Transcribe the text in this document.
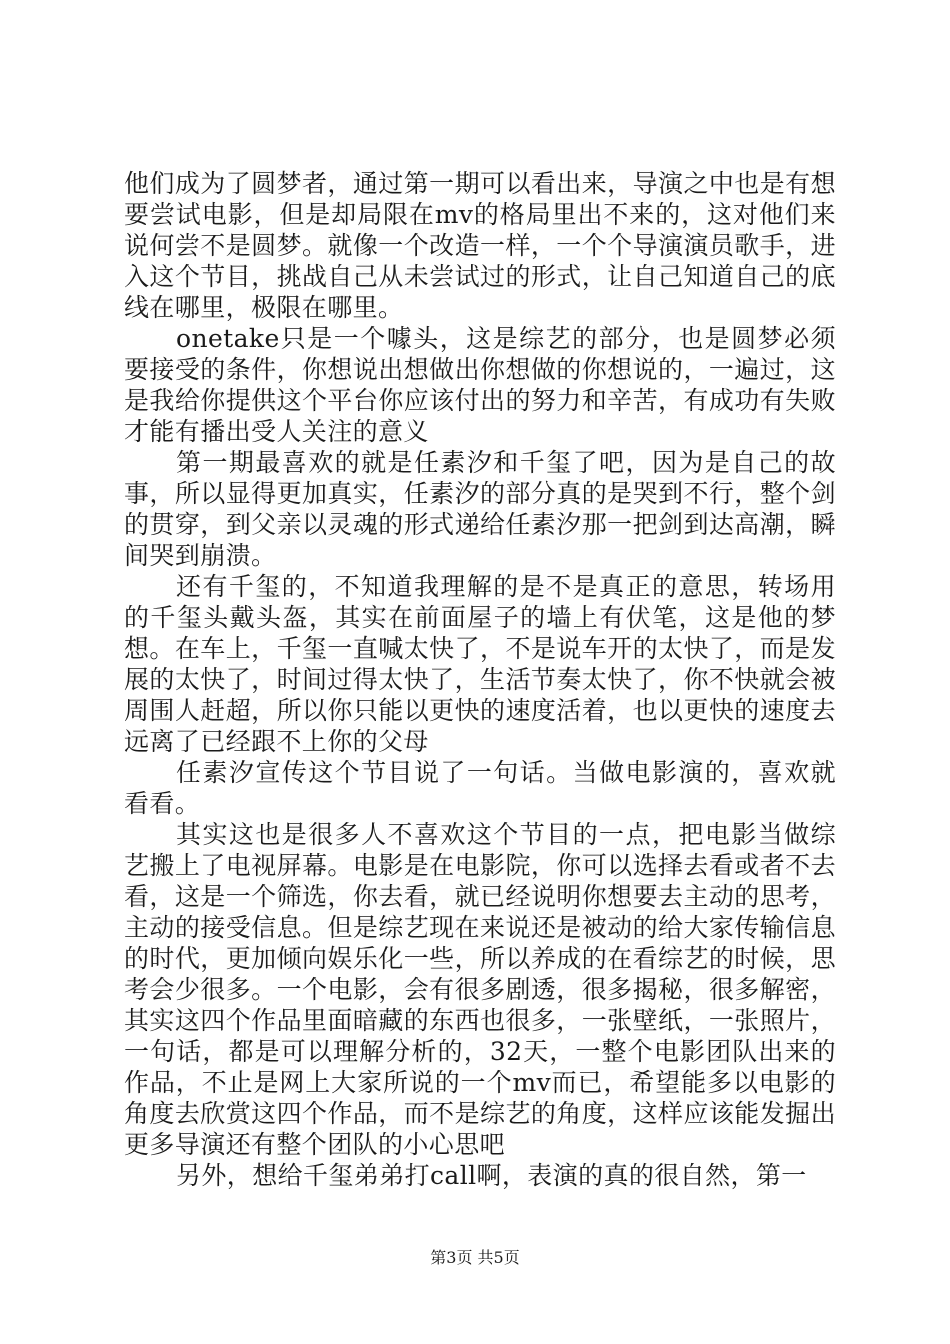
他们成为了圆梦者，通过第一期可以看出来，导演之中也是有想要尝试电影，但是却局限在mv的格局里出不来的，这对他们来说何尝不是圆梦。就像一个改造一样，一个个导演演员歌手，进入这个节目，挑战自己从未尝试过的形式，让自己知道自己的底线在哪里，极限在哪里。

onetake只是一个噱头，这是综艺的部分，也是圆梦必须要接受的条件，你想说出想做出你想做的你想说的，一遍过，这是我给你提供这个平台你应该付出的努力和辛苦，有成功有失败才能有播出受人关注的意义

第一期最喜欢的就是任素汐和千玺了吧，因为是自己的故事，所以显得更加真实，任素汐的部分真的是哭到不行，整个剑的贯穿，到父亲以灵魂的形式递给任素汐那一把剑到达高潮，瞬间哭到崩溃。

还有千玺的，不知道我理解的是不是真正的意思，转场用的千玺头戴头盔，其实在前面屋子的墙上有伏笔，这是他的梦想。在车上，千玺一直喊太快了，不是说车开的太快了，而是发展的太快了，时间过得太快了，生活节奏太快了，你不快就会被周围人赶超，所以你只能以更快的速度活着，也以更快的速度去远离了已经跟不上你的父母

任素汐宣传这个节目说了一句话。当做电影演的，喜欢就看看。

其实这也是很多人不喜欢这个节目的一点，把电影当做综艺搬上了电视屏幕。电影是在电影院，你可以选择去看或者不去看，这是一个筛选，你去看，就已经说明你想要去主动的思考，主动的接受信息。但是综艺现在来说还是被动的给大家传输信息的时代，更加倾向娱乐化一些，所以养成的在看综艺的时候，思考会少很多。一个电影，会有很多剧透，很多揭秘，很多解密，其实这四个作品里面暗藏的东西也很多，一张壁纸，一张照片，一句话，都是可以理解分析的，32天，一整个电影团队出来的作品，不止是网上大家所说的一个mv而已，希望能多以电影的角度去欣赏这四个作品，而不是综艺的角度，这样应该能发掘出更多导演还有整个团队的小心思吧

另外，想给千玺弟弟打call啊，表演的真的很自然，第一

第3页 共5页
